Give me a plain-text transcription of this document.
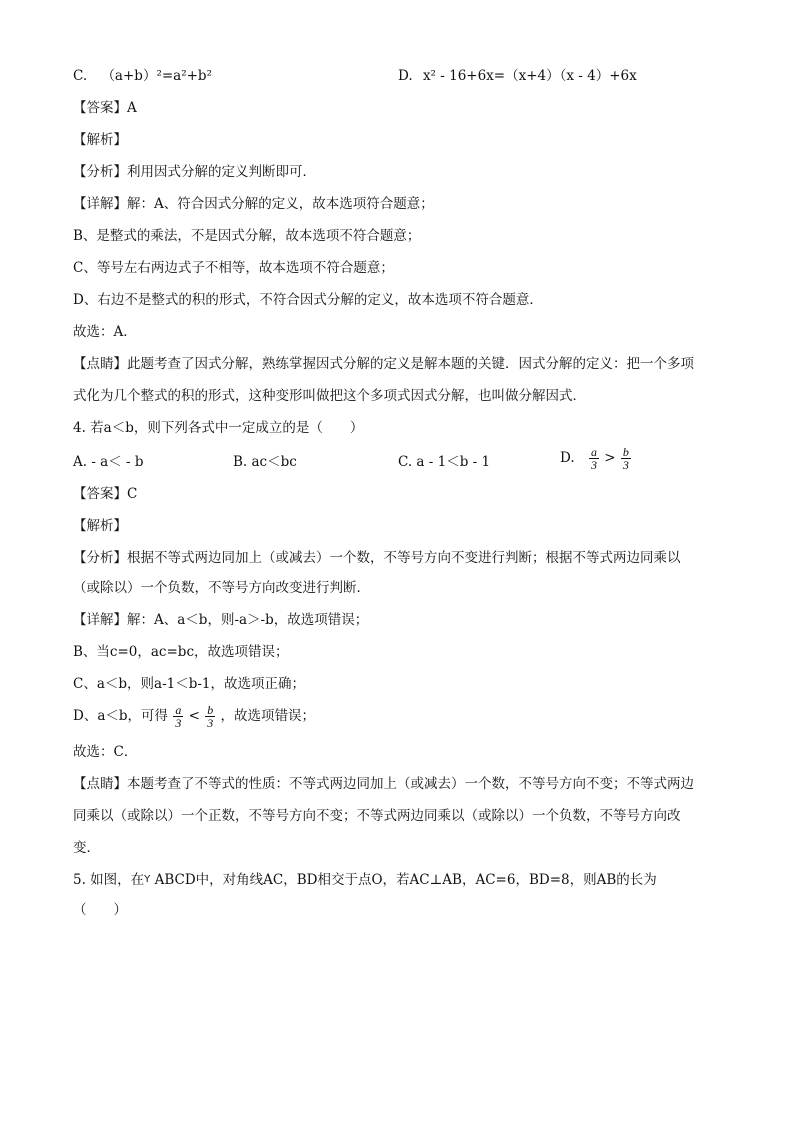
C. （a+b）²=a²+b²	D. x² - 16+6x=（x+4）（x - 4）+6x
【答案】A
【解析】
【分析】利用因式分解的定义判断即可．
【详解】解：A、符合因式分解的定义，故本选项符合题意；
B、是整式的乘法，不是因式分解，故本选项不符合题意；
C、等号左右两边式子不相等，故本选项不符合题意；
D、右边不是整式的积的形式，不符合因式分解的定义，故本选项不符合题意．
故选：A．
【点睛】此题考查了因式分解，熟练掌握因式分解的定义是解本题的关键．因式分解的定义：把一个多项
式化为几个整式的积的形式，这种变形叫做把这个多项式因式分解，也叫做分解因式．
4. 若a＜b，则下列各式中一定成立的是（　　）
A. - a＜ - b	B. ac＜bc	C. a - 1＜b - 1	D. $\frac{a}{3} > \frac{b}{3}$
【答案】C
【解析】
【分析】根据不等式两边同加上（或减去）一个数，不等号方向不变进行判断；根据不等式两边同乘以
（或除以）一个负数，不等号方向改变进行判断．
【详解】解：A、a＜b，则-a＞-b，故选项错误；
B、当c=0，ac=bc，故选项错误；
C、a＜b，则a-1＜b-1，故选项正确；
D、a＜b，可得 $\frac{a}{3} < \frac{b}{3}$ ，故选项错误；
故选：C．
【点睛】本题考查了不等式的性质：不等式两边同加上（或减去）一个数，不等号方向不变；不等式两边
同乘以（或除以）一个正数，不等号方向不变；不等式两边同乘以（或除以）一个负数，不等号方向改
变．
5. 如图，在$^Y$ ABCD中，对角线AC，BD相交于点O，若AC⊥AB，AC=6，BD=8，则AB的长为
（　　）
